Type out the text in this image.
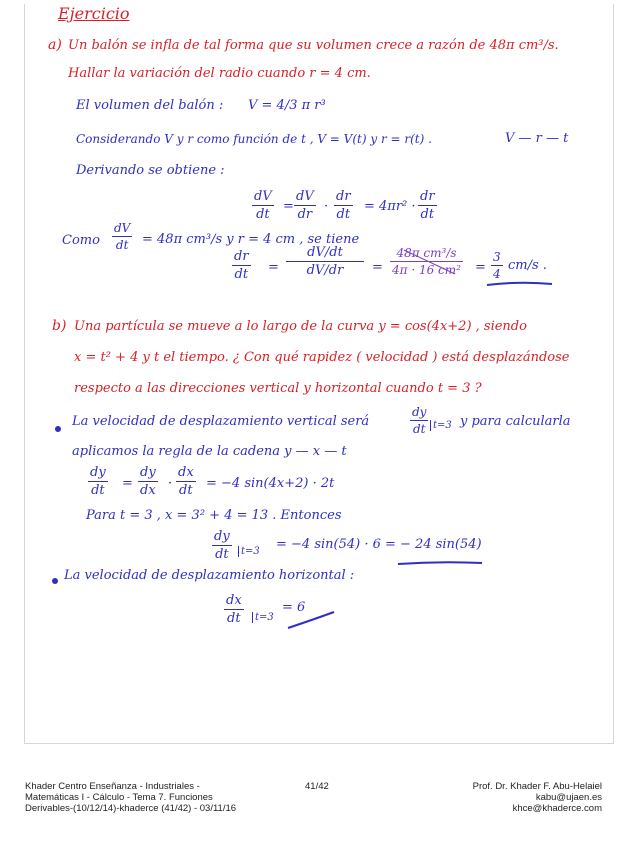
Ejercicio
a) Un balón se infla de tal forma que su volumen crece a razón de 48π cm³/s.
Hallar la variación del radio cuando r = 4 cm.
El volumen del balón : V = 4/3 π r³
Considerando V y r como función de t , V = V(t) y r = r(t) .	V — r — t
Derivando se obtiene :
dV
dt
=
dV
dr
·
dr
dt
= 4πr² ·
dr
dt
Como
dV
dt = 48π cm³/s y r = 4 cm , se tiene
dr
dt =
dV/dt
dV/dr =
48π cm³/s
4π · 16 cm² =
3
4
cm/s .
b) Una partícula se mueve a lo largo de la curva y = cos(4x+2) , siendo
x = t² + 4 y t el tiempo. ¿ Con qué rapidez ( velocidad ) está desplazándose
respecto a las direcciones vertical y horizontal cuando t = 3 ?
La velocidad de desplazamiento vertical será
dy
dt t=3 y para calcularla
aplicamos la regla de la cadena y — x — t
dy
dt =
dy
dx ·
dx
dt = −4 sin(4x+2) · 2t
Para t = 3 , x = 3² + 4 = 13 . Entonces
dy
dt	t=3 = −4 sin(54) · 6 = − 24 sin(54)
La velocidad de desplazamiento horizontal :
dx
dt	t=3
= 6
Khader Centro Enseñanza - Industriales -
Matemáticas I - Cálculo - Tema 7. Funciones
Derivables-(10/12/14)-khaderce (41/42) - 03/11/16
41/42	Prof. Dr. Khader F. Abu-Helaiel
kabu@ujaen.es
khce@khaderce.com
